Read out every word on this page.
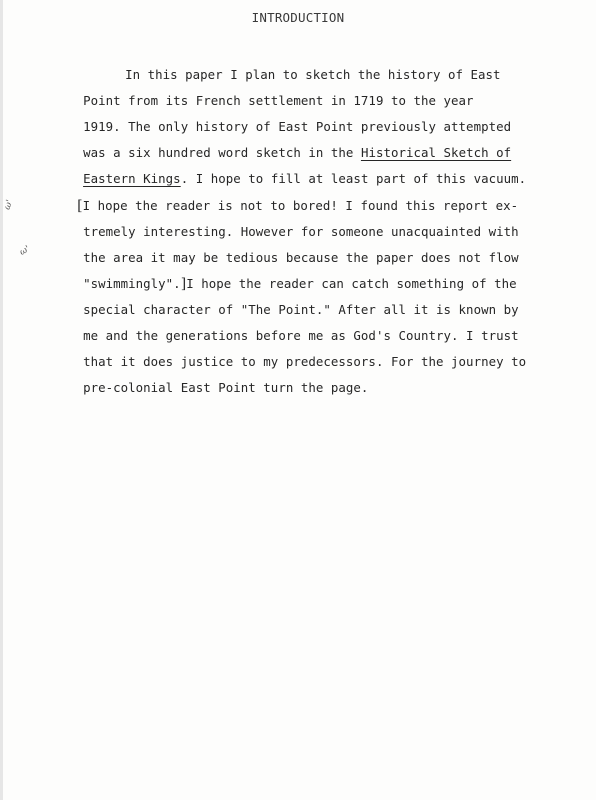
INTRODUCTION
ω'
ω'

In this paper I plan to sketch the history of East

Point from its French settlement in 1719 to the year

1919. The only history of East Point previously attempted

was a six hundred word sketch in the Historical Sketch of

Eastern Kings. I hope to fill at least part of this vacuum.

[I hope the reader is not to bored! I found this report ex-

tremely interesting. However for someone unacquainted with

the area it may be tedious because the paper does not flow

"swimmingly".]I hope the reader can catch something of the

special character of "The Point." After all it is known by

me and the generations before me as God's Country. I trust

that it does justice to my predecessors. For the journey to

pre-colonial East Point turn the page.
